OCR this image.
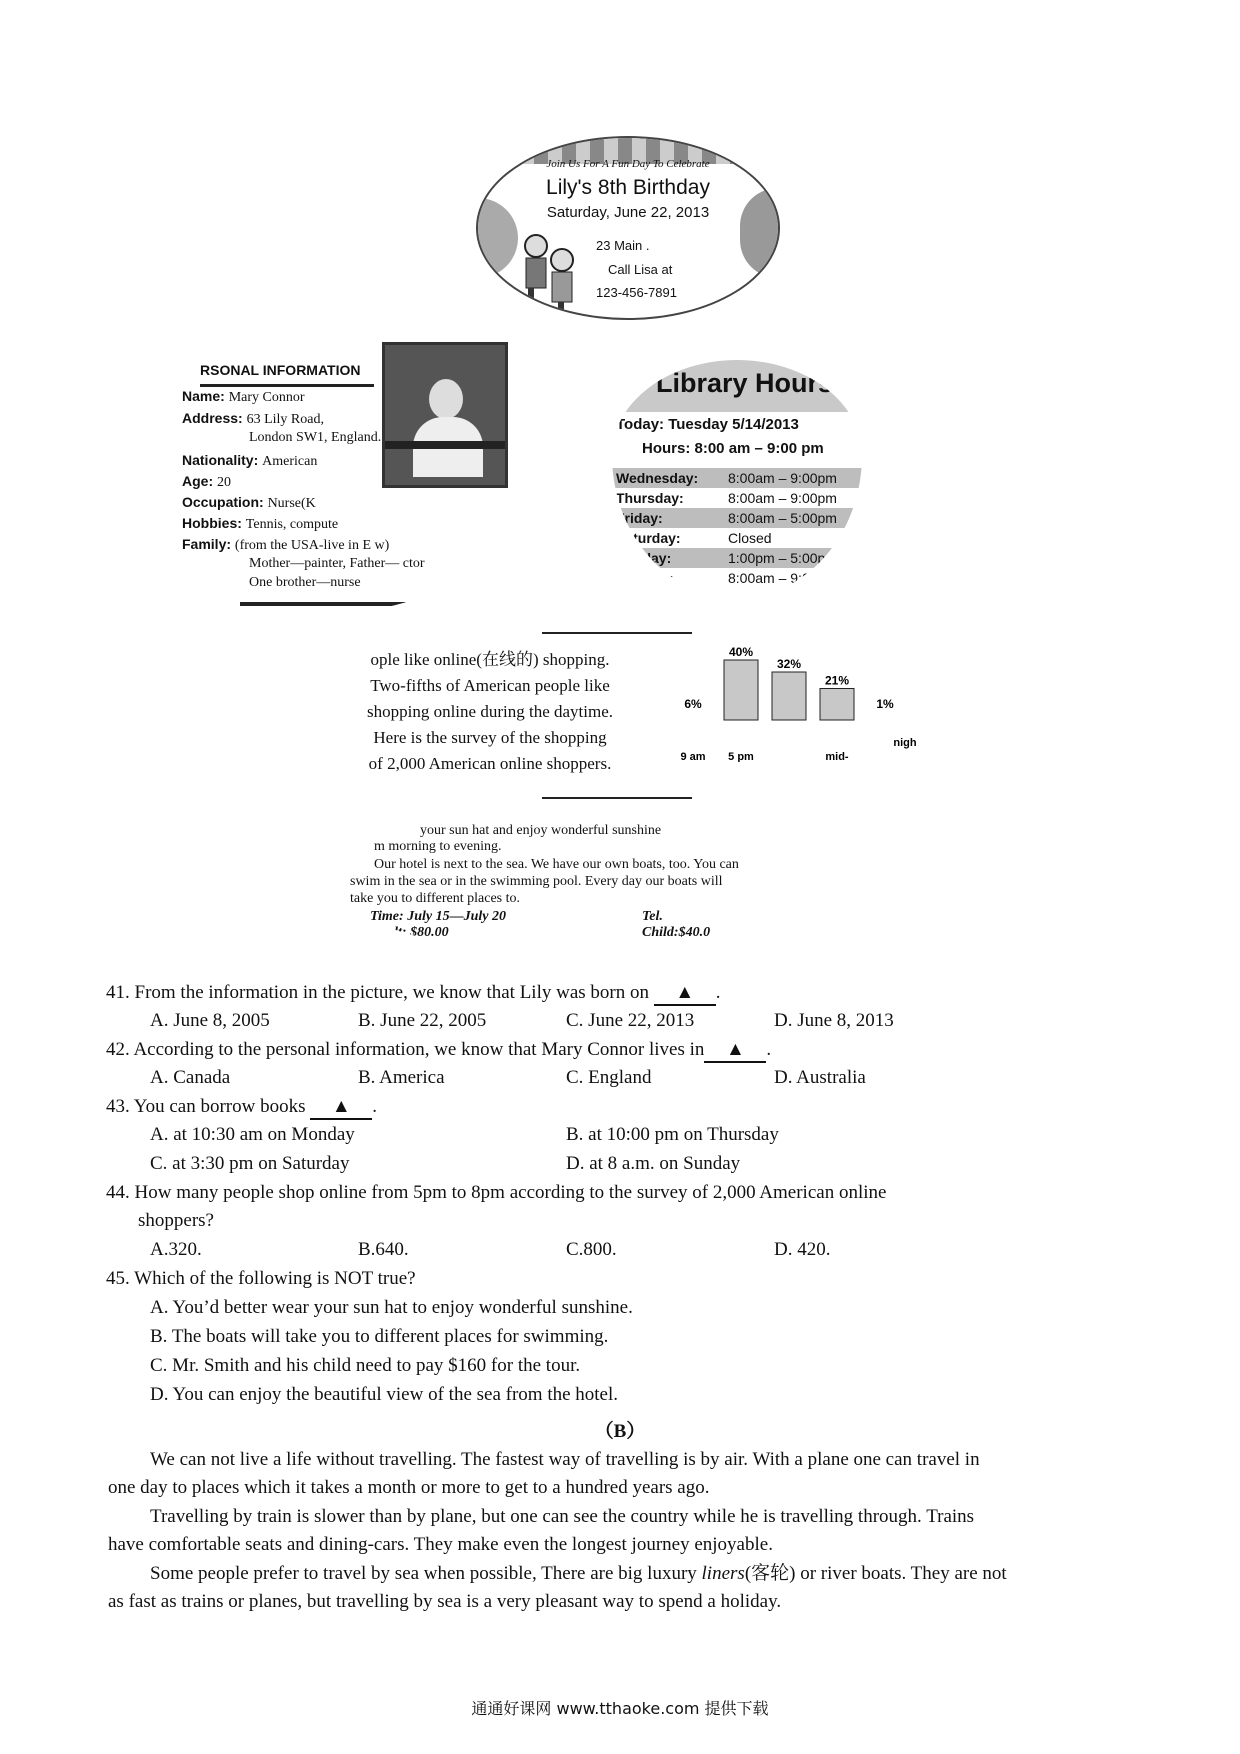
Join Us For A Fun Day To Celebrate
Lily's 8th Birthday
Saturday, June 22, 2013
23 Main .
Call Lisa at
123-456-7891
RSONAL INFORMATION
Name: Mary Connor
Address: 63 Lily Road,
London SW1, England.
Nationality: American
Age: 20
Occupation: Nurse(K
Hobbies: Tennis, compute
Family: (from the USA-live in E w)
Mother—painter, Father— ctor
One brother—nurse
✎ Library Hours
Today: Tuesday 5/14/2013
Hours: 8:00 am – 9:00 pm
Wednesday: 8:00am – 9:00pm
Thursday:	8:00am – 9:00pm
Friday:	8:00am – 5:00pm
Saturday:	Closed
Sunday:	1:00pm – 5:00pm
Monday:	8:00am – 9:00pm
ople like online(在线的) shopping.
Two-fifths of American people like
shopping online during the daytime.
Here is the survey of the shopping
of 2,000 American online shoppers.
6%
40%
32%
21%
1%
9 am 5 pm	mid-
nigh
your sun hat and enjoy wonderful sunshine
m morning to evening.
Our hotel is next to the sea. We have our own boats, too. You can
swim in the sea or in the swimming pool. Every day our boats will
take you to different places to.
Time: July 15—July 20	Tel.
Adult: $80.00	Child:$40.0
41. From the information in the picture, we know that Lily was born on ▲ .
A. June 8, 2005	B. June 22, 2005	C. June 22, 2013	D. June 8, 2013
42. According to the personal information, we know that Mary Connor lives in ▲ .
A. Canada	B. America	C. England	D. Australia
43. You can borrow books ▲ .
A. at 10:30 am on Monday	B. at 10:00 pm on Thursday
C. at 3:30 pm on Saturday	D. at 8 a.m. on Sunday
44. How many people shop online from 5pm to 8pm according to the survey of 2,000 American online
shoppers?
A.320.	B.640.	C.800.	D. 420.
45. Which of the following is NOT true?
A. You’d better wear your sun hat to enjoy wonderful sunshine.
B. The boats will take you to different places for swimming.
C. Mr. Smith and his child need to pay $160 for the tour.
D. You can enjoy the beautiful view of the sea from the hotel.
（B）
We can not live a life without travelling. The fastest way of travelling is by air. With a plane one can travel in
one day to places which it takes a month or more to get to a hundred years ago.
Travelling by train is slower than by plane, but one can see the country while he is travelling through. Trains
have comfortable seats and dining-cars. They make even the longest journey enjoyable.
Some people prefer to travel by sea when possible, There are big luxury liners(客轮) or river boats. They are not
as fast as trains or planes, but travelling by sea is a very pleasant way to spend a holiday.
通通好课网 www.tthaoke.com 提供下载
